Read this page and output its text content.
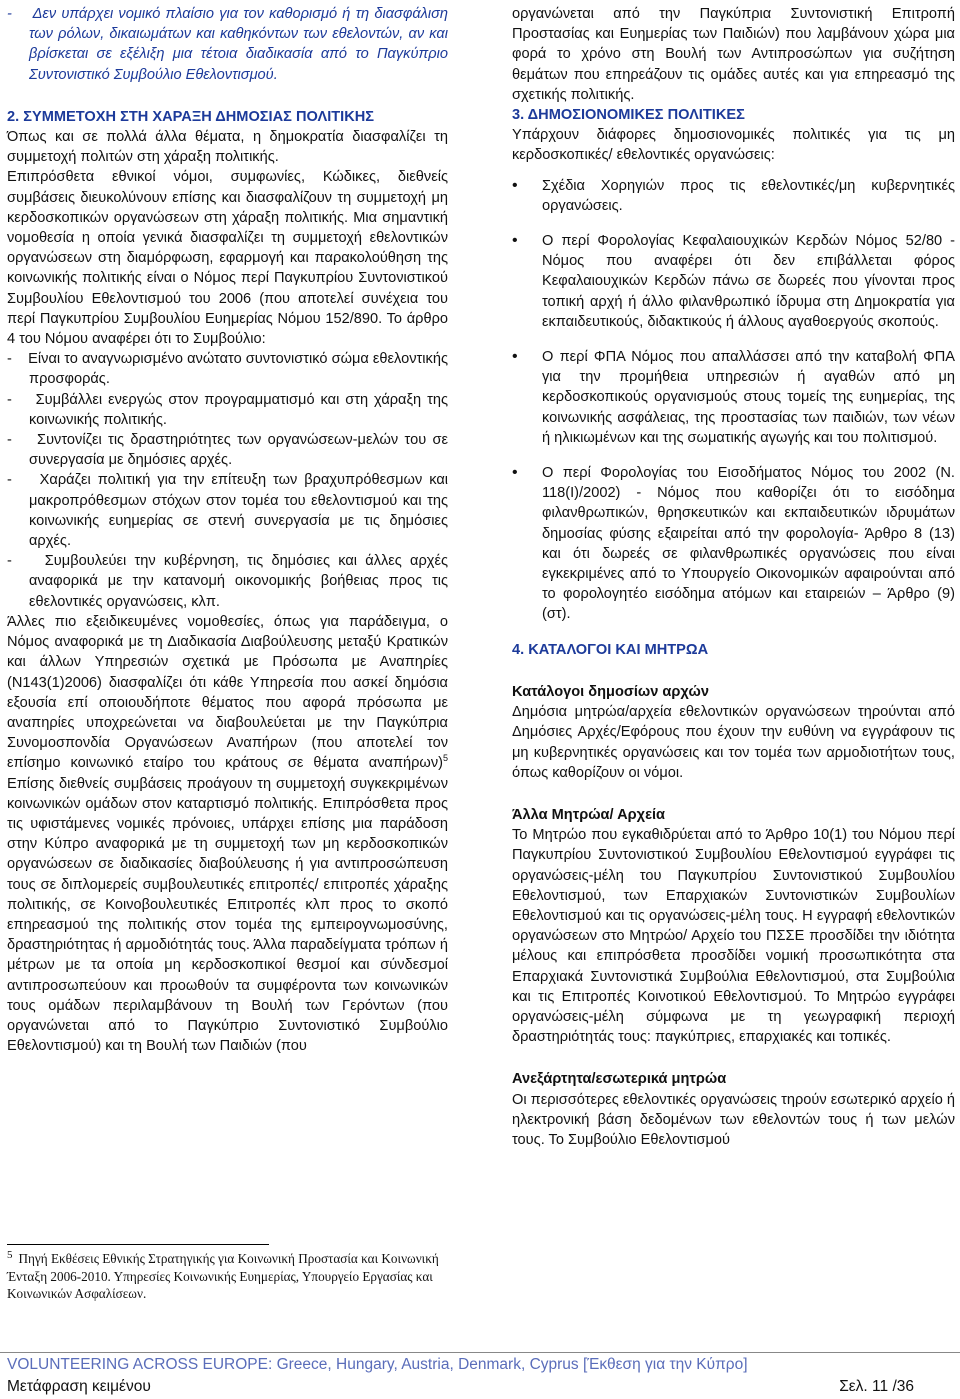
-    Δεν υπάρχει νομικό πλαίσιο για τον καθορισμό ή τη διασφάλιση των ρόλων, δικαιωμάτων και καθηκόντων των εθελοντών, αν και βρίσκεται σε εξέλιξη μια τέτοια διαδικασία από το Παγκύπριο Συντονιστικό Συμβούλιο Εθελοντισμού.

2. ΣΥΜΜΕΤΟΧΗ ΣΤΗ ΧΑΡΑΞΗ ΔΗΜΟΣΙΑΣ ΠΟΛΙΤΙΚΗΣ

Όπως και σε πολλά άλλα θέματα, η δημοκρατία διασφαλίζει τη συμμετοχή πολιτών στη χάραξη πολιτικής.

Επιπρόσθετα εθνικοί νόμοι, συμφωνίες, Κώδικες, διεθνείς συμβάσεις διευκολύνουν επίσης και διασφαλίζουν τη συμμετοχή μη κερδοσκοπικών οργανώσεων στη χάραξη πολιτικής. Μια σημαντική νομοθεσία η οποία γενικά διασφαλίζει τη συμμετοχή εθελοντικών οργανώσεων στη διαμόρφωση, εφαρμογή και παρακολούθηση της κοινωνικής πολιτικής είναι ο Νόμος περί Παγκυπρίου Συντονιστικού Συμβουλίου Εθελοντισμού του 2006 (που αποτελεί συνέχεια του περί Παγκυπρίου Συμβουλίου Ευημερίας Νόμου 152/890. Το άρθρο 4 του Νόμου αναφέρει ότι το Συμβούλιο:

-    Είναι το αναγνωρισμένο ανώτατο συντονιστικό σώμα εθελοντικής προσφοράς.

-    Συμβάλλει ενεργώς στον προγραμματισμό και στη χάραξη της κοινωνικής πολιτικής.

-    Συντονίζει τις δραστηριότητες των οργανώσεων-μελών του σε συνεργασία με δημόσιες αρχές.

-    Χαράζει πολιτική για την επίτευξη των βραχυπρόθεσμων και μακροπρόθεσμων στόχων στον τομέα του εθελοντισμού και της κοινωνικής ευημερίας σε στενή συνεργασία με τις δημόσιες αρχές.

-    Συμβουλεύει την κυβέρνηση, τις δημόσιες και άλλες αρχές αναφορικά με την κατανομή οικονομικής βοήθειας προς τις εθελοντικές οργανώσεις, κλπ.

Άλλες πιο εξειδικευμένες νομοθεσίες, όπως για παράδειγμα, ο Νόμος αναφορικά με τη Διαδικασία Διαβούλευσης μεταξύ Κρατικών και άλλων Υπηρεσιών σχετικά με Πρόσωπα με Αναπηρίες (Ν143(1)2006) διασφαλίζει ότι κάθε Υπηρεσία που ασκεί δημόσια εξουσία επί οποιουδήποτε θέματος που αφορά πρόσωπα με αναπηρίες υποχρεώνεται να διαβουλεύεται με την Παγκύπρια Συνομοσπονδία Οργανώσεων Αναπήρων (που αποτελεί τον επίσημο κοινωνικό εταίρο του κράτους σε θέματα αναπήρων)$^5$ Επίσης διεθνείς συμβάσεις προάγουν τη συμμετοχή συγκεκριμένων κοινωνικών ομάδων στον καταρτισμό πολιτικής. Επιπρόσθετα προς τις υφιστάμενες νομικές πρόνοιες, υπάρχει επίσης μια παράδοση στην Κύπρο αναφορικά με τη συμμετοχή των μη κερδοσκοπικών οργανώσεων σε διαδικασίες διαβούλευσης ή για αντιπροσώπευση τους σε διπλομερείς συμβουλευτικές επιτροπές/ επιτροπές χάραξης πολιτικής, σε Κοινοβουλευτικές Επιτροπές κλπ προς το σκοπό επηρεασμού της πολιτικής στον τομέα της εμπειρογνωμοσύνης, δραστηριότητας ή αρμοδιότητάς τους. Άλλα παραδείγματα τρόπων ή μέτρων με τα οποία μη κερδοσκοπικοί θεσμοί και σύνδεσμοί αντιπροσωπεύουν και προωθούν τα συμφέροντα των κοινωνικών τους ομάδων περιλαμβάνουν τη Βουλή των Γερόντων (που οργανώνεται από το Παγκύπριο Συντονιστικό Συμβούλιο Εθελοντισμού) και τη Βουλή των Παιδιών (που

$^5$ Πηγή Εκθέσεις Εθνικής Στρατηγικής για Κοινωνική Προστασία και Κοινωνική Ένταξη 2006-2010. Υπηρεσίες Κοινωνικής Ευημερίας, Υπουργείο Εργασίας και Κοινωνικών Ασφαλίσεων.

οργανώνεται από την Παγκύπρια Συντονιστική Επιτροπή Προστασίας και Ευημερίας των Παιδιών) που λαμβάνουν χώρα μια φορά το χρόνο στη Βουλή των Αντιπροσώπων για συζήτηση θεμάτων που επηρεάζουν τις ομάδες αυτές και για επηρεασμό της σχετικής πολιτικής.

3. ΔΗΜΟΣΙΟΝΟΜΙΚΕΣ ΠΟΛΙΤΙΚΕΣ

Υπάρχουν διάφορες δημοσιονομικές πολιτικές για τις μη κερδοσκοπικές/ εθελοντικές οργανώσεις:

• Σχέδια Χορηγιών προς τις εθελοντικές/μη κυβερνητικές οργανώσεις.
• Ο περί Φορολογίας Κεφαλαιουχικών Κερδών Νόμος 52/80 - Νόμος που αναφέρει ότι δεν επιβάλλεται φόρος Κεφαλαιουχικών Κερδών πάνω σε δωρεές που γίνονται προς τοπική αρχή ή άλλο φιλανθρωπικό ίδρυμα στη Δημοκρατία για εκπαιδευτικούς, διδακτικούς ή άλλους αγαθοεργούς σκοπούς.
• Ο περί ΦΠΑ Νόμος που απαλλάσσει από την καταβολή ΦΠΑ για την προμήθεια υπηρεσιών ή αγαθών από μη κερδοσκοπικούς οργανισμούς στους τομείς της ευημερίας, της κοινωνικής ασφάλειας, της προστασίας των παιδιών, των νέων ή ηλικιωμένων και της σωματικής αγωγής και του πολιτισμού.
• Ο περί Φορολογίας του Εισοδήματος Νόμος του 2002 (Ν. 118(Ι)/2002) - Νόμος που καθορίζει ότι το εισόδημα φιλανθρωπικών, θρησκευτικών και εκπαιδευτικών ιδρυμάτων δημοσίας φύσης εξαιρείται από την φορολογία- Άρθρο 8 (13) και ότι δωρεές σε φιλανθρωπικές οργανώσεις που είναι εγκεκριμένες από το Υπουργείο Οικονομικών αφαιρούνται από το φορολογητέο εισόδημα ατόμων και εταιρειών – Άρθρο (9)(στ).

4. ΚΑΤΑΛΟΓΟΙ ΚΑΙ ΜΗΤΡΩΑ

Κατάλογοι δημοσίων αρχών

Δημόσια μητρώα/αρχεία εθελοντικών οργανώσεων τηρούνται από Δημόσιες Αρχές/Εφόρους που έχουν την ευθύνη να εγγράφουν τις μη κυβερνητικές οργανώσεις και τον τομέα των αρμοδιοτήτων τους, όπως καθορίζουν οι νόμοι.

Άλλα Μητρώα/ Αρχεία

Το Μητρώο που εγκαθιδρύεται από το Άρθρο 10(1) του Νόμου περί Παγκυπρίου Συντονιστικού Συμβουλίου Εθελοντισμού εγγράφει τις οργανώσεις-μέλη του Παγκυπρίου Συντονιστικού Συμβουλίου Εθελοντισμού, των Επαρχιακών Συντονιστικών Συμβουλίων Εθελοντισμού και τις οργανώσεις-μέλη τους. Η εγγραφή εθελοντικών οργανώσεων στο Μητρώο/ Αρχείο του ΠΣΣΕ προσδίδει την ιδιότητα μέλους και επιπρόσθετα προσδίδει νομική προσωπικότητα στα Επαρχιακά Συντονιστικά Συμβούλια Εθελοντισμού, στα Συμβούλια και τις Επιτροπές Κοινοτικού Εθελοντισμού. Το Μητρώο εγγράφει οργανώσεις-μέλη σύμφωνα με τη γεωγραφική περιοχή δραστηριότητάς τους: παγκύπριες, επαρχιακές και τοπικές.

Ανεξάρτητα/εσωτερικά μητρώα

Οι περισσότερες εθελοντικές οργανώσεις τηρούν εσωτερικό αρχείο ή ηλεκτρονική βάση δεδομένων των εθελοντών τους ή των μελών τους. Το Συμβούλιο Εθελοντισμού

VOLUNTEERING ACROSS EUROPE: Greece, Hungary, Austria, Denmark, Cyprus [Έκθεση για την Κύπρο]
Μετάφραση κειμένου	Σελ. 11 /36
